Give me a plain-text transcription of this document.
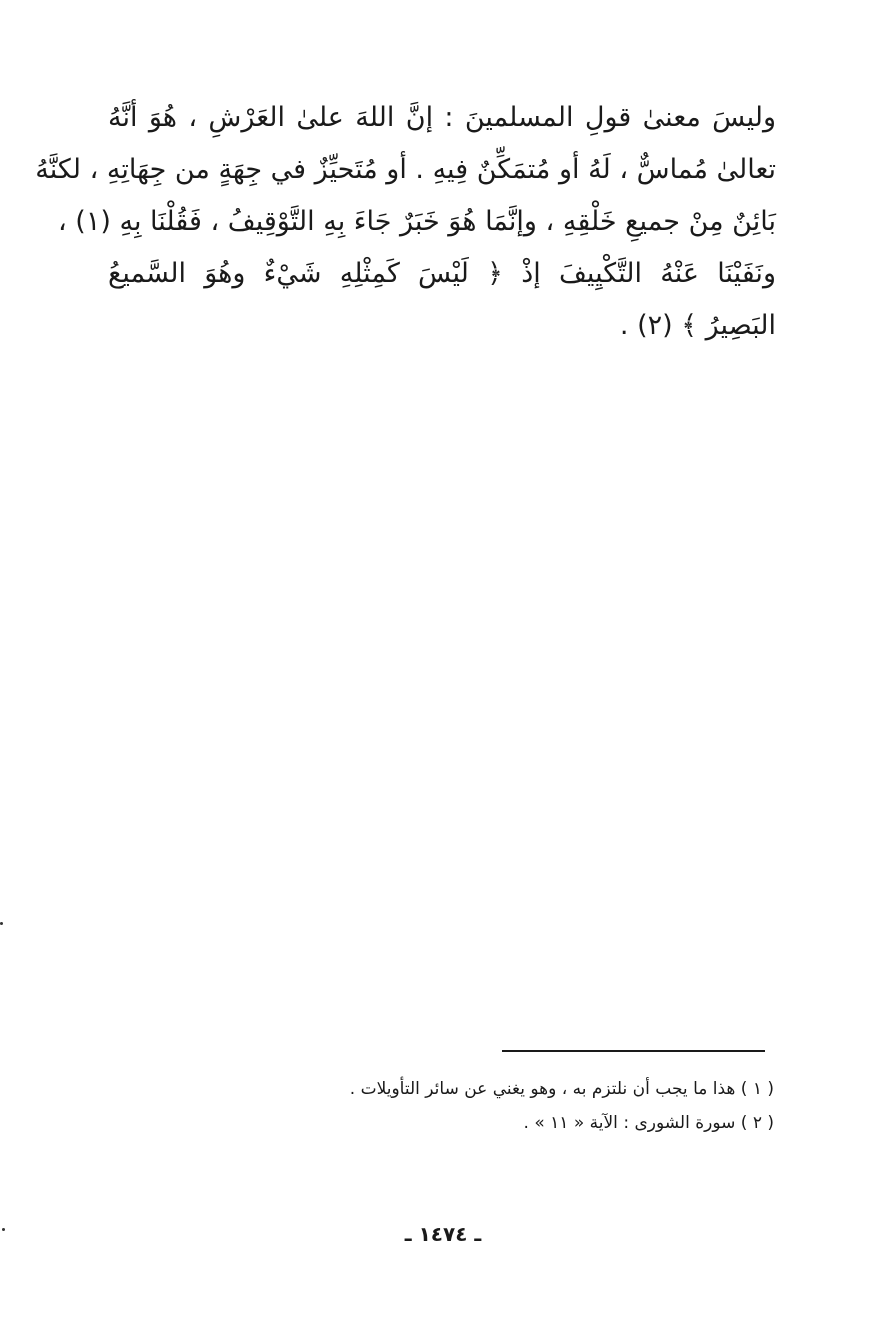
وليسَ معنىٰ قولِ المسلمينَ : إنَّ اللهَ علىٰ العَرْشِ ، هُوَ أنَّهُ
تعالىٰ مُماسٌّ ، لَهُ أو مُتمَكِّنٌ فِيهِ . أو مُتَحيِّزٌ في جِهَةٍ من جِهَاتِهِ ، لكنَّهُ
بَائِنٌ مِنْ جميعِ خَلْقِهِ ، وإنَّمَا هُوَ خَبَرٌ جَاءَ بِهِ التَّوْقِيفُ ، فَقُلْنَا بِهِ (١) ،
ونَفَيْنَا عَنْهُ التَّكْيِيفَ إذْ ﴿ لَيْسَ كَمِثْلِهِ شَيْءٌ وهُوَ السَّميعُ
البَصِيرُ ﴾ (٢) .
( ١ ) هذا ما يجب أن نلتزم به ، وهو يغني عن سائر التأويلات .
( ٢ ) سورة الشورى : الآية « ١١ » .
ـ ١٤٧٤ ـ
